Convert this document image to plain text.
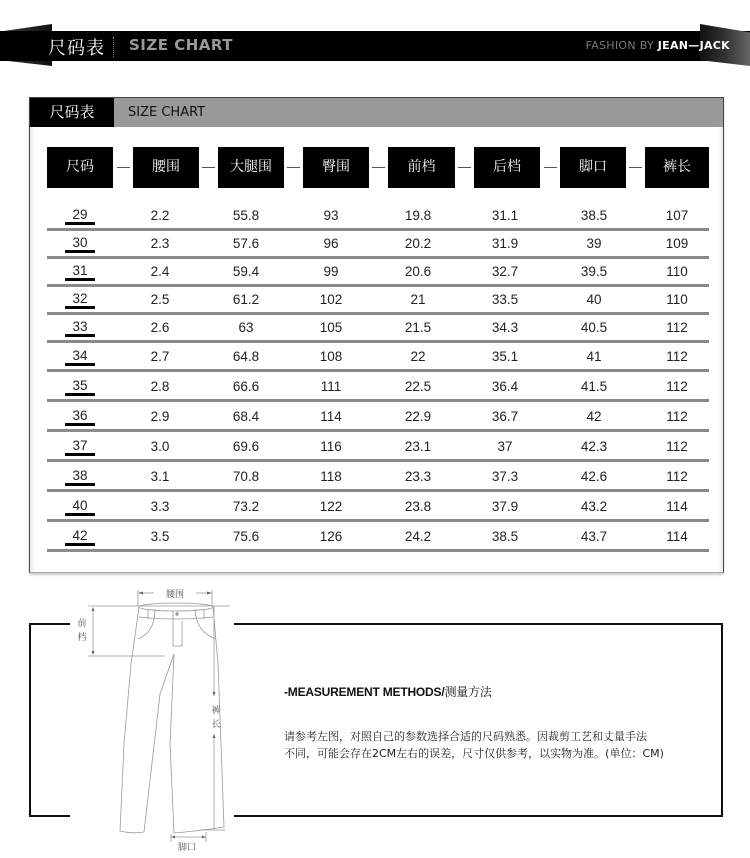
尺码表 SIZE CHART	FASHION BY JEAN—JACK
尺码表	SIZE CHART
尺码	腰围	大腿围	臀围	前档	后档	脚口	裤长
29	2.2	55.8	93	19.8	31.1	38.5	107
30	2.3	57.6	96	20.2	31.9	39	109
31	2.4	59.4	99	20.6	32.7	39.5	110
32	2.5	61.2	102	21	33.5	40	110
33	2.6	63	105	21.5	34.3	40.5	112
34	2.7	64.8	108	22	35.1	41	112
35	2.8	66.6	111	22.5	36.4	41.5	112
36	2.9	68.4	114	22.9	36.7	42	112
37	3.0	69.6	116	23.1	37	42.3	112
38	3.1	70.8	118	23.3	37.3	42.6	112
40	3.3	73.2	122	23.8	37.9	43.2	114
42	3.5	75.6	126	24.2	38.5	43.7	114
腰围
前
档
裤
长
脚口
-MEASUREMENT METHODS/测量方法
请参考左图，对照自己的参数选择合适的尺码熟悉。因裁剪工艺和丈量手法
不同，可能会存在2CM左右的误差，尺寸仅供参考，以实物为准。(单位：CM)
